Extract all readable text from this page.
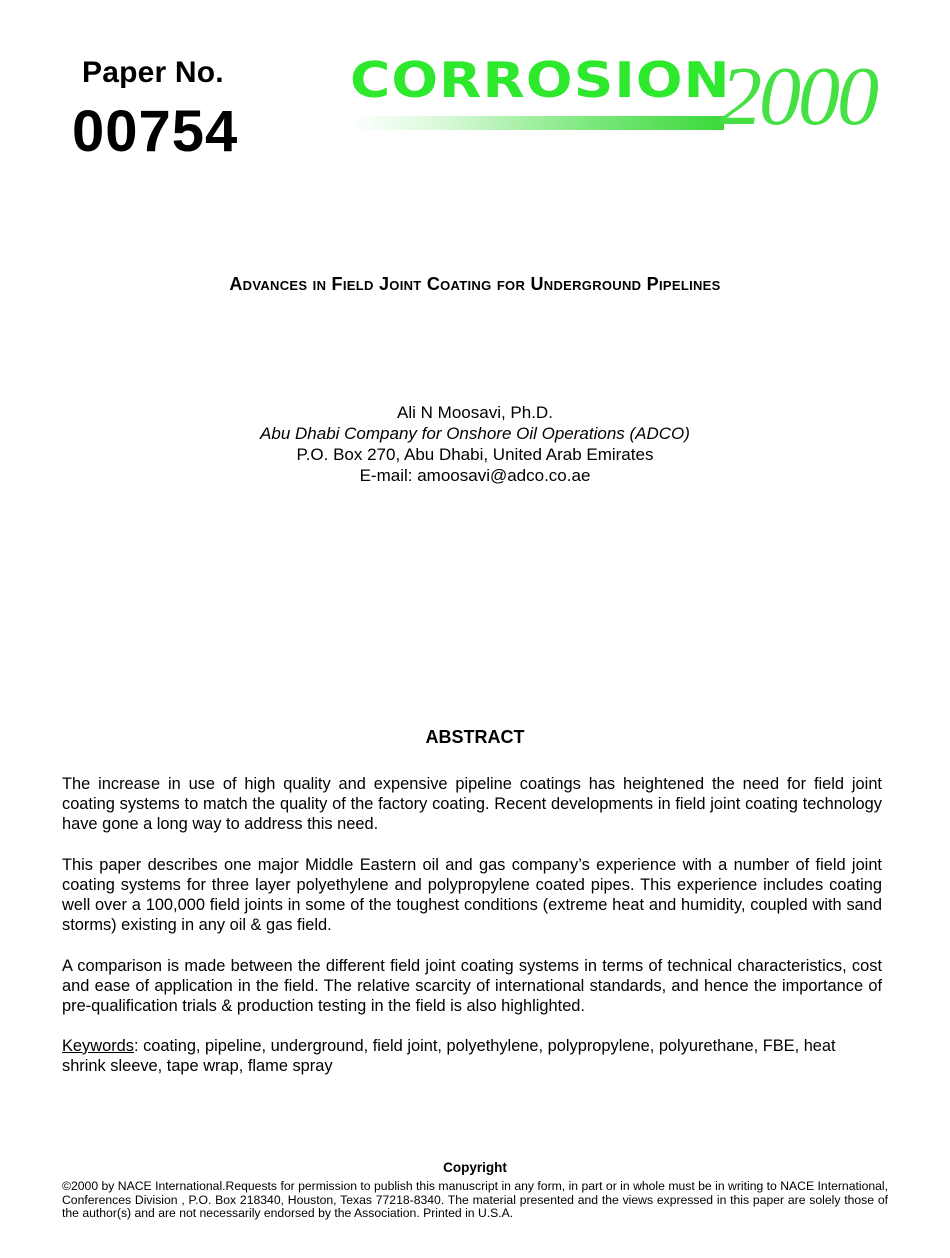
Paper No.
00754
CORROSION
2000
Advances in Field Joint Coating for Underground Pipelines
Ali N Moosavi, Ph.D.
Abu Dhabi Company for Onshore Oil Operations (ADCO)
P.O. Box 270, Abu Dhabi, United Arab Emirates
E-mail: amoosavi@adco.co.ae
ABSTRACT
The increase in use of high quality and expensive pipeline coatings has heightened the need for field joint coating systems to match the quality of the factory coating. Recent developments in field joint coating technology have gone a long way to address this need.
This paper describes one major Middle Eastern oil and gas company’s experience with a number of field joint coating systems for three layer polyethylene and polypropylene coated pipes. This experience includes coating well over a 100,000 field joints in some of the toughest conditions (extreme heat and humidity, coupled with sand storms) existing in any oil & gas field.
A comparison is made between the different field joint coating systems in terms of technical characteristics, cost and ease of application in the field. The relative scarcity of international standards, and hence the importance of pre-qualification trials & production testing in the field is also highlighted.
Keywords: coating, pipeline, underground, field joint, polyethylene, polypropylene, polyurethane, FBE, heat shrink sleeve, tape wrap, flame spray
Copyright
©2000 by NACE International.Requests for permission to publish this manuscript in any form, in part or in whole must be in writing to NACE International, Conferences Division , P.O. Box 218340, Houston, Texas 77218-8340. The material presented and the views expressed in this paper are solely those of the author(s) and are not necessarily endorsed by the Association. Printed in U.S.A.
